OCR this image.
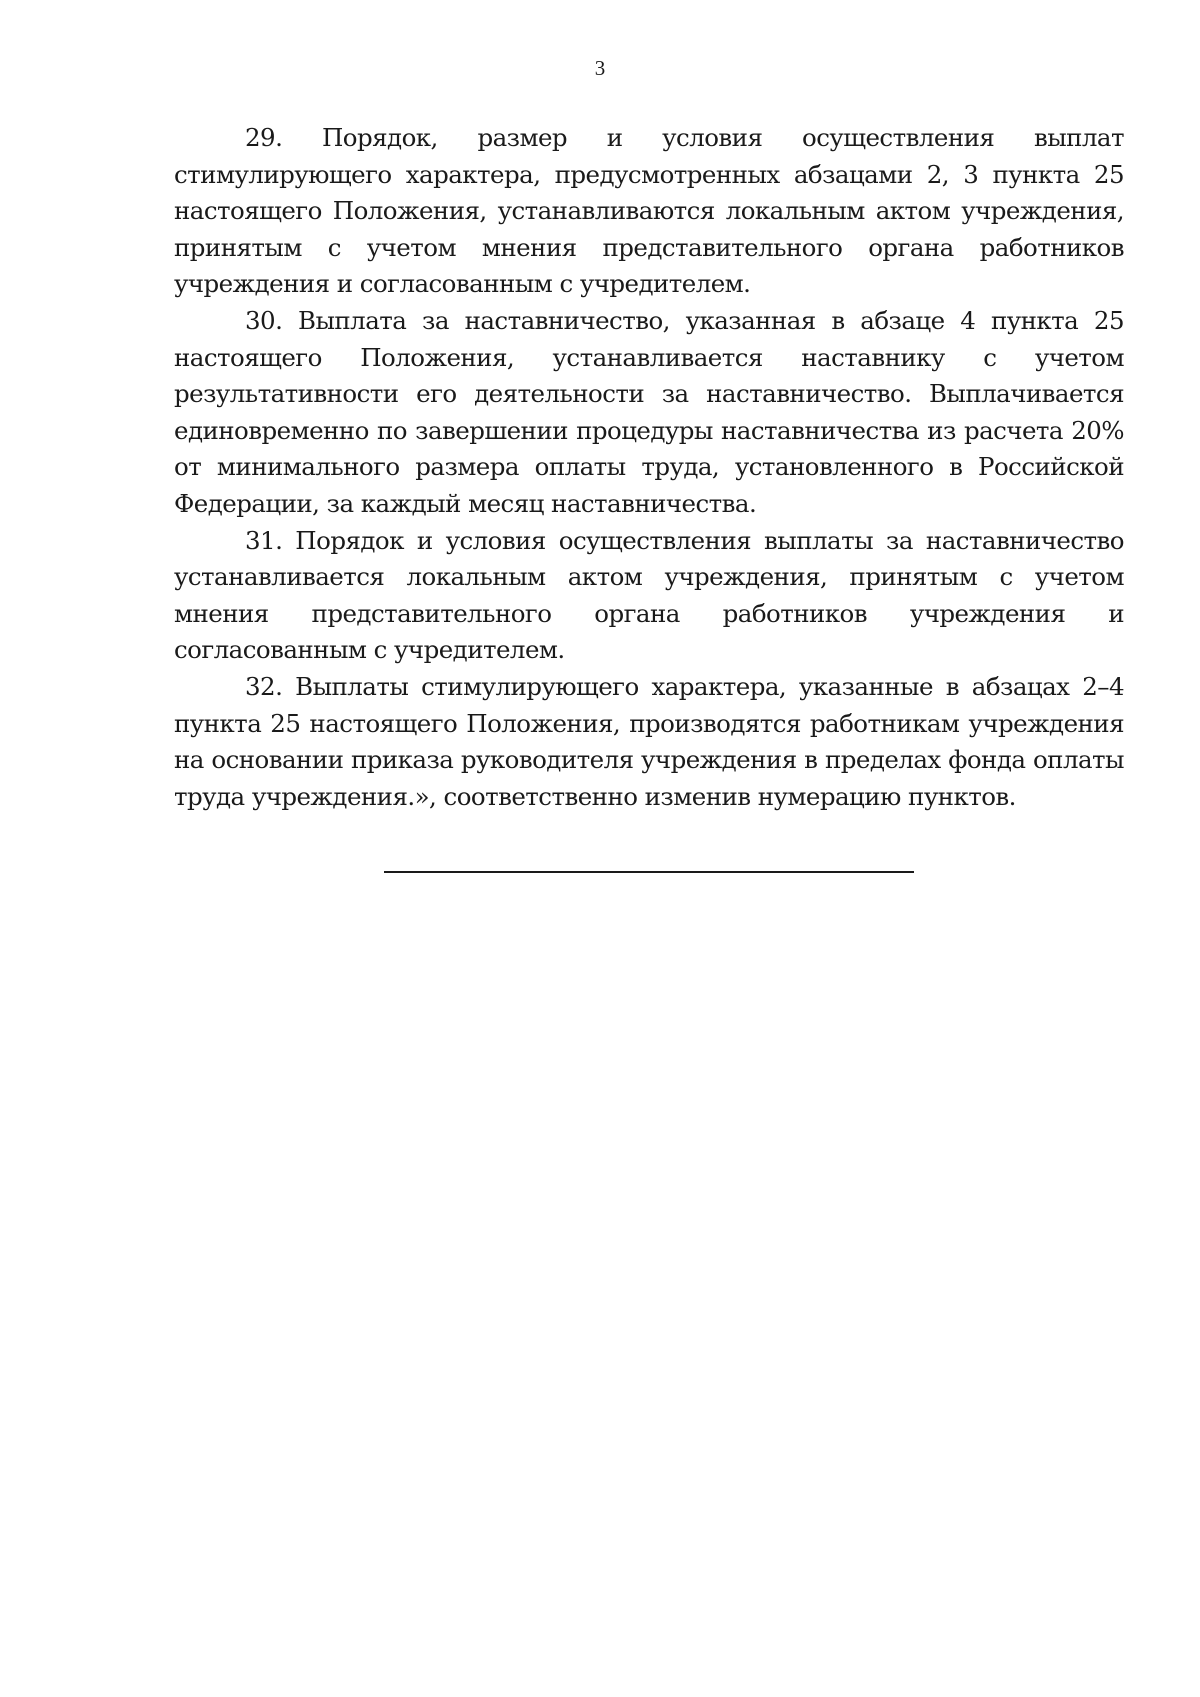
3

29. Порядок, размер и условия осуществления выплат стимулирующего характера, предусмотренных абзацами 2, 3 пункта 25 настоящего Положения, устанавливаются локальным актом учреждения, принятым с учетом мнения представительного органа работников учреждения и согласованным с учредителем.

30. Выплата за наставничество, указанная в абзаце 4 пункта 25 настоящего Положения, устанавливается наставнику с учетом результативности его деятельности за наставничество. Выплачивается единовременно по завершении процедуры наставничества из расчета 20% от минимального размера оплаты труда, установленного в Российской Федерации, за каждый месяц наставничества.

31. Порядок и условия осуществления выплаты за наставничество устанавливается локальным актом учреждения, принятым с учетом мнения представительного органа работников учреждения и согласованным с учредителем.

32. Выплаты стимулирующего характера, указанные в абзацах 2–4 пункта 25 настоящего Положения, производятся работникам учреждения на основании приказа руководителя учреждения в пределах фонда оплаты труда учреждения.», соответственно изменив нумерацию пунктов.
